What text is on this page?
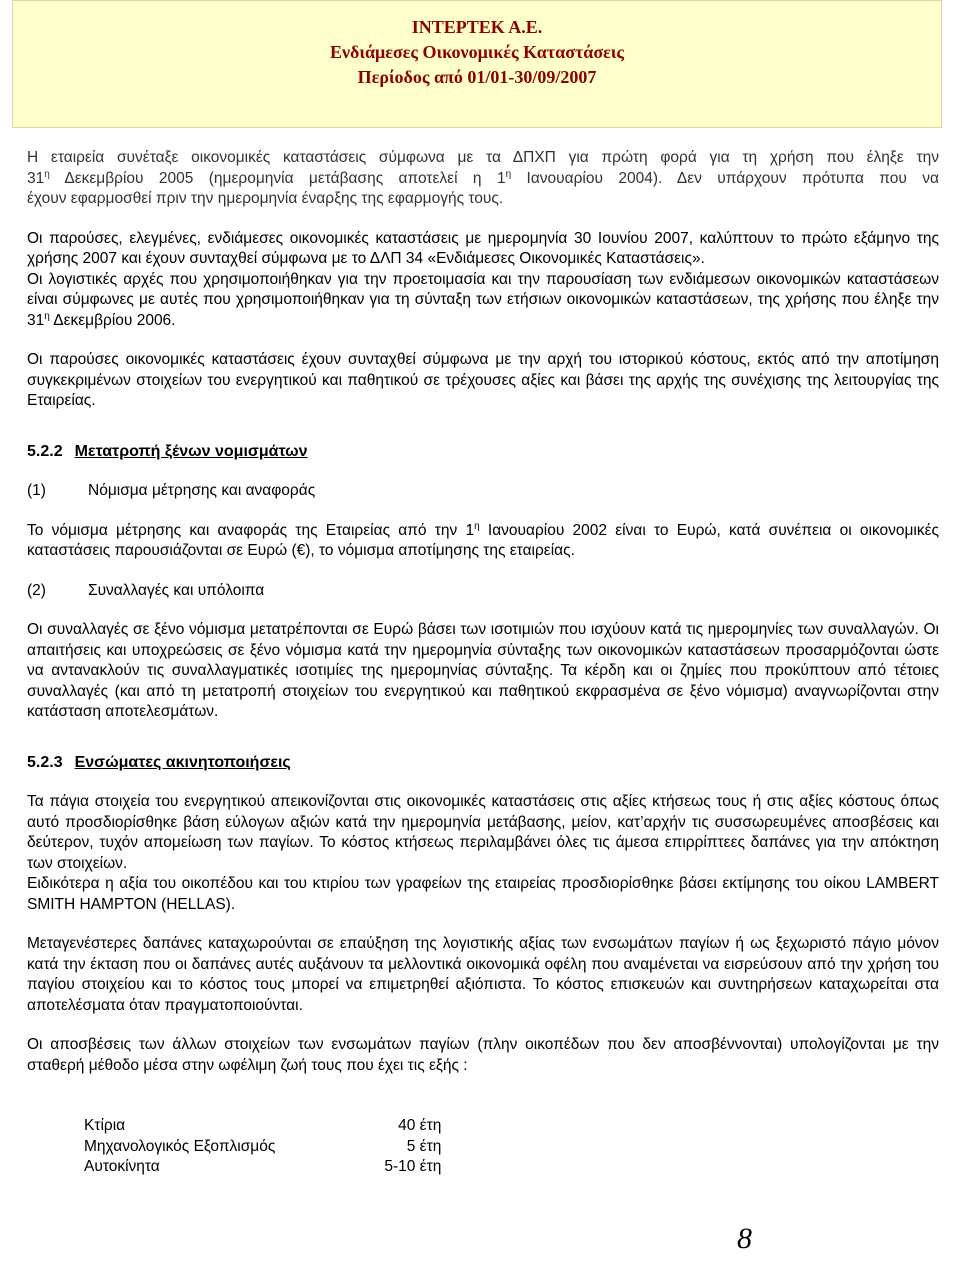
INTEPTEK A.E.
Ενδιάμεσες Οικονομικές Καταστάσεις
Περίοδος από 01/01-30/09/2007

Η εταιρεία συνέταξε οικονομικές καταστάσεις σύμφωνα με τα ΔΠΧΠ για πρώτη φορά για τη χρήση που έληξε την

$31^\eta$ Δεκεμβρίου 2005 (ημερομηνία μετάβασης αποτελεί η $1^\eta$ Ιανουαρίου 2004). Δεν υπάρχουν πρότυπα που να

έχουν εφαρμοσθεί πριν την ημερομηνία έναρξης της εφαρμογής τους.

Οι παρούσες, ελεγμένες, ενδιάμεσες οικονομικές καταστάσεις με ημερομηνία 30 Ιουνίου 2007, καλύπτουν το πρώτο εξάμηνο της χρήσης 2007 και έχουν συνταχθεί σύμφωνα με το ΔΛΠ 34 «Ενδιάμεσες Οικονομικές Καταστάσεις».

Οι λογιστικές αρχές που χρησιμοποιήθηκαν για την προετοιμασία και την παρουσίαση των ενδιάμεσων οικονομικών καταστάσεων είναι σύμφωνες με αυτές που χρησιμοποιήθηκαν για τη σύνταξη των ετήσιων οικονομικών καταστάσεων, της χρήσης που έληξε την $31^\eta$ Δεκεμβρίου 2006.

Οι παρούσες οικονομικές καταστάσεις έχουν συνταχθεί σύμφωνα με την αρχή του ιστορικού κόστους, εκτός από την αποτίμηση συγκεκριμένων στοιχείων του ενεργητικού και παθητικού σε τρέχουσες αξίες και βάσει της αρχής της συνέχισης της λειτουργίας της Εταιρείας.

5.2.2 Μετατροπή ξένων νομισμάτων

(1)	Νόμισμα μέτρησης και αναφοράς

Το νόμισμα μέτρησης και αναφοράς της Εταιρείας από την $1^\eta$ Ιανουαρίου 2002 είναι το Ευρώ, κατά συνέπεια οι οικονομικές καταστάσεις παρουσιάζονται σε Ευρώ (€), το νόμισμα αποτίμησης της εταιρείας.

(2)	Συναλλαγές και υπόλοιπα

Οι συναλλαγές σε ξένο νόμισμα μετατρέπονται σε Ευρώ βάσει των ισοτιμιών που ισχύουν κατά τις ημερομηνίες των συναλλαγών. Οι απαιτήσεις και υποχρεώσεις σε ξένο νόμισμα κατά την ημερομηνία σύνταξης των οικονομικών καταστάσεων προσαρμόζονται ώστε να αντανακλούν τις συναλλαγματικές ισοτιμίες της ημερομηνίας σύνταξης. Τα κέρδη και οι ζημίες που προκύπτουν από τέτοιες συναλλαγές (και από τη μετατροπή στοιχείων του ενεργητικού και παθητικού εκφρασμένα σε ξένο νόμισμα) αναγνωρίζονται στην κατάσταση αποτελεσμάτων.

5.2.3 Ενσώματες ακινητοποιήσεις

Τα πάγια στοιχεία του ενεργητικού απεικονίζονται στις οικονομικές καταστάσεις στις αξίες κτήσεως τους ή στις αξίες κόστους όπως αυτό προσδιορίσθηκε βάση εύλογων αξιών κατά την ημερομηνία μετάβασης, μείον, κατ’αρχήν τις συσσωρευμένες αποσβέσεις και δεύτερον, τυχόν απομείωση των παγίων. Το κόστος κτήσεως περιλαμβάνει όλες τις άμεσα επιρρίπτεες δαπάνες για την απόκτηση των στοιχείων.

Ειδικότερα η αξία του οικοπέδου και του κτιρίου των γραφείων της εταιρείας προσδιορίσθηκε βάσει εκτίμησης του οίκου LAMBERT SMITH HAMPTON (HELLAS).

Μεταγενέστερες δαπάνες καταχωρούνται σε επαύξηση της λογιστικής αξίας των ενσωμάτων παγίων ή ως ξεχωριστό πάγιο μόνον κατά την έκταση που οι δαπάνες αυτές αυξάνουν τα μελλοντικά οικονομικά οφέλη που αναμένεται να εισρεύσουν από την χρήση του παγίου στοιχείου και το κόστος τους μπορεί να επιμετρηθεί αξιόπιστα. Το κόστος επισκευών και συντηρήσεων καταχωρείται στα αποτελέσματα όταν πραγματοποιούνται.

Οι αποσβέσεις των άλλων στοιχείων των ενσωμάτων παγίων (πλην οικοπέδων που δεν αποσβέννονται) υπολογίζονται με την σταθερή μέθοδο μέσα στην ωφέλιμη ζωή τους που έχει τις εξής :

Κτίρια	40 έτη
Μηχανολογικός Εξοπλισμός	5 έτη
Αυτοκίνητα	5-10 έτη
8
